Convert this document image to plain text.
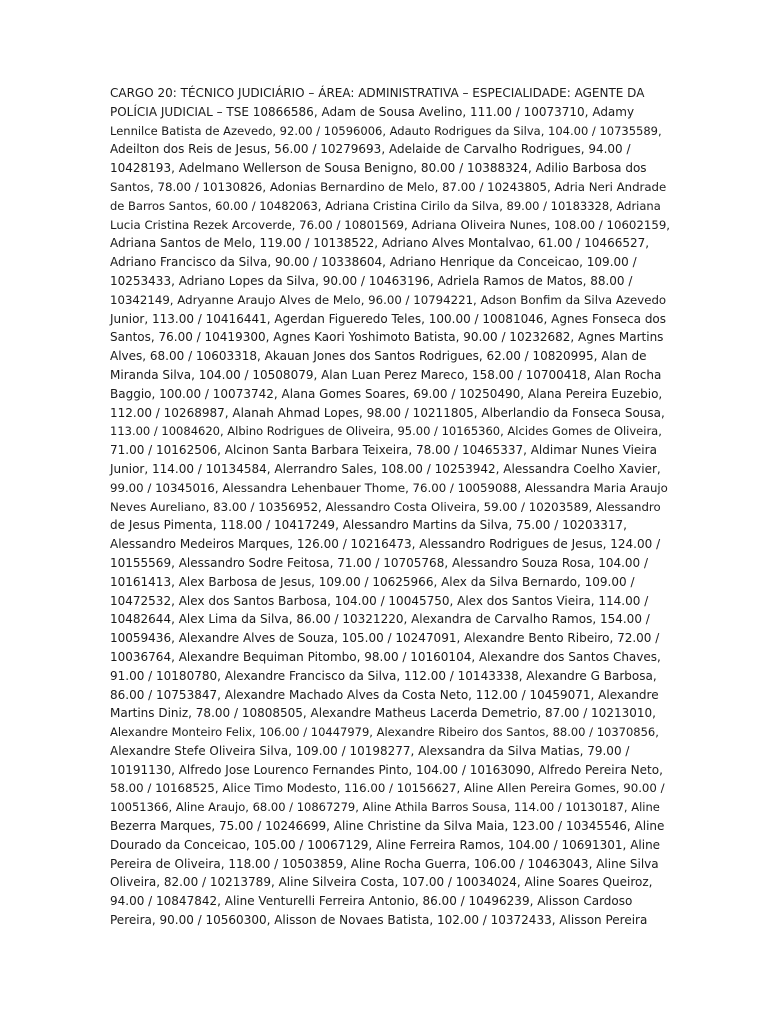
CARGO 20: TÉCNICO JUDICIÁRIO – ÁREA: ADMINISTRATIVA – ESPECIALIDADE: AGENTE DA
POLÍCIA JUDICIAL – TSE 10866586, Adam de Sousa Avelino, 111.00 / 10073710, Adamy
Lennilce Batista de Azevedo, 92.00 / 10596006, Adauto Rodrigues da Silva, 104.00 / 10735589,
Adeilton dos Reis de Jesus, 56.00 / 10279693, Adelaide de Carvalho Rodrigues, 94.00 /
10428193, Adelmano Wellerson de Sousa Benigno, 80.00 / 10388324, Adilio Barbosa dos
Santos, 78.00 / 10130826, Adonias Bernardino de Melo, 87.00 / 10243805, Adria Neri Andrade
de Barros Santos, 60.00 / 10482063, Adriana Cristina Cirilo da Silva, 89.00 / 10183328, Adriana
Lucia Cristina Rezek Arcoverde, 76.00 / 10801569, Adriana Oliveira Nunes, 108.00 / 10602159,
Adriana Santos de Melo, 119.00 / 10138522, Adriano Alves Montalvao, 61.00 / 10466527,
Adriano Francisco da Silva, 90.00 / 10338604, Adriano Henrique da Conceicao, 109.00 /
10253433, Adriano Lopes da Silva, 90.00 / 10463196, Adriela Ramos de Matos, 88.00 /
10342149, Adryanne Araujo Alves de Melo, 96.00 / 10794221, Adson Bonfim da Silva Azevedo
Junior, 113.00 / 10416441, Agerdan Figueredo Teles, 100.00 / 10081046, Agnes Fonseca dos
Santos, 76.00 / 10419300, Agnes Kaori Yoshimoto Batista, 90.00 / 10232682, Agnes Martins
Alves, 68.00 / 10603318, Akauan Jones dos Santos Rodrigues, 62.00 / 10820995, Alan de
Miranda Silva, 104.00 / 10508079, Alan Luan Perez Mareco, 158.00 / 10700418, Alan Rocha
Baggio, 100.00 / 10073742, Alana Gomes Soares, 69.00 / 10250490, Alana Pereira Euzebio,
112.00 / 10268987, Alanah Ahmad Lopes, 98.00 / 10211805, Alberlandio da Fonseca Sousa,
113.00 / 10084620, Albino Rodrigues de Oliveira, 95.00 / 10165360, Alcides Gomes de Oliveira,
71.00 / 10162506, Alcinon Santa Barbara Teixeira, 78.00 / 10465337, Aldimar Nunes Vieira
Junior, 114.00 / 10134584, Alerrandro Sales, 108.00 / 10253942, Alessandra Coelho Xavier,
99.00 / 10345016, Alessandra Lehenbauer Thome, 76.00 / 10059088, Alessandra Maria Araujo
Neves Aureliano, 83.00 / 10356952, Alessandro Costa Oliveira, 59.00 / 10203589, Alessandro
de Jesus Pimenta, 118.00 / 10417249, Alessandro Martins da Silva, 75.00 / 10203317,
Alessandro Medeiros Marques, 126.00 / 10216473, Alessandro Rodrigues de Jesus, 124.00 /
10155569, Alessandro Sodre Feitosa, 71.00 / 10705768, Alessandro Souza Rosa, 104.00 /
10161413, Alex Barbosa de Jesus, 109.00 / 10625966, Alex da Silva Bernardo, 109.00 /
10472532, Alex dos Santos Barbosa, 104.00 / 10045750, Alex dos Santos Vieira, 114.00 /
10482644, Alex Lima da Silva, 86.00 / 10321220, Alexandra de Carvalho Ramos, 154.00 /
10059436, Alexandre Alves de Souza, 105.00 / 10247091, Alexandre Bento Ribeiro, 72.00 /
10036764, Alexandre Bequiman Pitombo, 98.00 / 10160104, Alexandre dos Santos Chaves,
91.00 / 10180780, Alexandre Francisco da Silva, 112.00 / 10143338, Alexandre G Barbosa,
86.00 / 10753847, Alexandre Machado Alves da Costa Neto, 112.00 / 10459071, Alexandre
Martins Diniz, 78.00 / 10808505, Alexandre Matheus Lacerda Demetrio, 87.00 / 10213010,
Alexandre Monteiro Felix, 106.00 / 10447979, Alexandre Ribeiro dos Santos, 88.00 / 10370856,
Alexandre Stefe Oliveira Silva, 109.00 / 10198277, Alexsandra da Silva Matias, 79.00 /
10191130, Alfredo Jose Lourenco Fernandes Pinto, 104.00 / 10163090, Alfredo Pereira Neto,
58.00 / 10168525, Alice Timo Modesto, 116.00 / 10156627, Aline Allen Pereira Gomes, 90.00 /
10051366, Aline Araujo, 68.00 / 10867279, Aline Athila Barros Sousa, 114.00 / 10130187, Aline
Bezerra Marques, 75.00 / 10246699, Aline Christine da Silva Maia, 123.00 / 10345546, Aline
Dourado da Conceicao, 105.00 / 10067129, Aline Ferreira Ramos, 104.00 / 10691301, Aline
Pereira de Oliveira, 118.00 / 10503859, Aline Rocha Guerra, 106.00 / 10463043, Aline Silva
Oliveira, 82.00 / 10213789, Aline Silveira Costa, 107.00 / 10034024, Aline Soares Queiroz,
94.00 / 10847842, Aline Venturelli Ferreira Antonio, 86.00 / 10496239, Alisson Cardoso
Pereira, 90.00 / 10560300, Alisson de Novaes Batista, 102.00 / 10372433, Alisson Pereira
